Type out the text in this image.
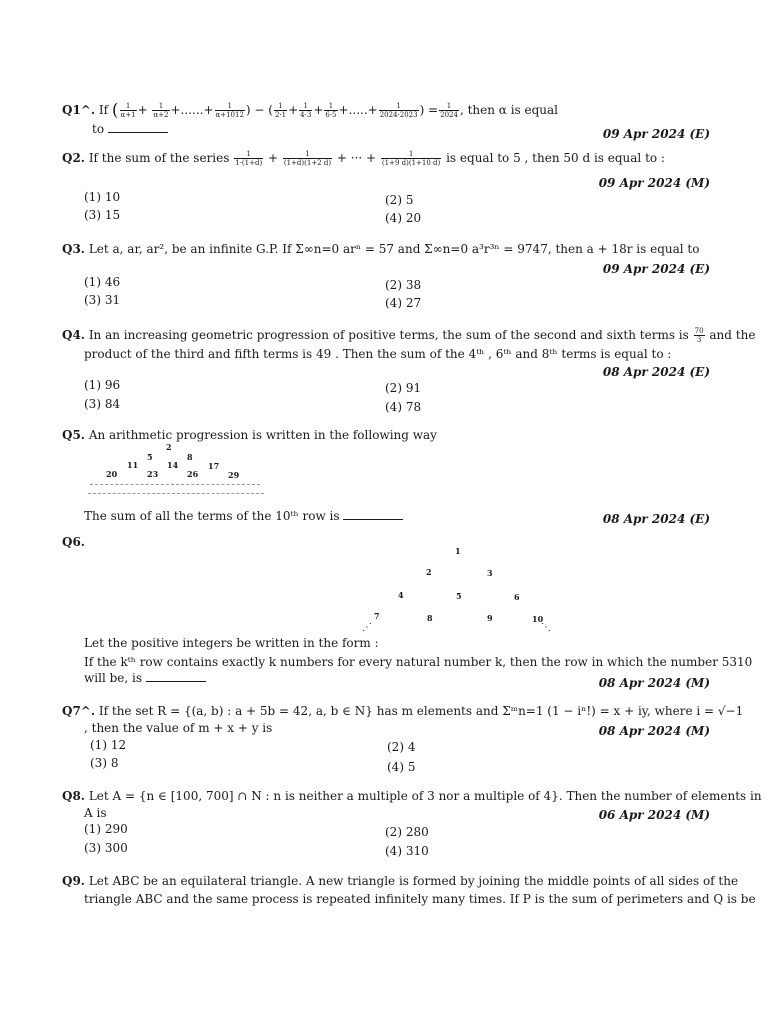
Q1^. If ( $\frac{1}{\alpha+1} + \frac{1}{\alpha+2}$ +......+ $\frac{1}{\alpha+1012}$ ) − ( $\frac{1}{2\cdot 1} + \frac{1}{4\cdot 3} + \frac{1}{6\cdot 5}$ +.....+ $\frac{1}{2024\cdot 2023}$ ) = $\frac{1}{2024}$ , then α is equal
to	09 Apr 2024 (E)
Q2. If the sum of the series $\frac{1}{1\cdot(1+d)} + \frac{1}{(1+d)(1+2 d)}$ + ··· + $\frac{1}{(1+9 d)(1+10 d)}$ is equal to 5 , then 50 d is equal to :
09 Apr 2024 (M)
(1) 10	(2) 5
(3) 15	(4) 20
Q3. Let a, ar, ar², be an infinite G.P. If Σ∞n=0 arⁿ = 57 and Σ∞n=0 a³r³ⁿ = 9747, then a + 18r is equal to
09 Apr 2024 (E)
(1) 46	(2) 38
(3) 31	(4) 27
Q4. In an increasing geometric progression of positive terms, the sum of the second and sixth terms is $\frac{70}{3}$ and the
product of the third and fifth terms is 49 . Then the sum of the 4ᵗʰ , 6ᵗʰ and 8ᵗʰ terms is equal to :
08 Apr 2024 (E)
(1) 96	(2) 91
(3) 84	(4) 78
Q5. An arithmetic progression is written in the following way
2
5	8
11	14	17
20	23	26	29
The sum of all the terms of the 10ᵗʰ row is	08 Apr 2024 (E)
Q6.
1
2	3
4	5	6
7	8	9	10
⋰	⋱
Let the positive integers be written in the form :
If the kᵗʰ row contains exactly k numbers for every natural number k, then the row in which the number 5310
will be, is	08 Apr 2024 (M)
Q7^. If the set R = {(a, b) : a + 5b = 42, a, b ∈ N} has m elements and Σᵐn=1 (1 − iⁿ!) = x + iy, where i = √−1
, then the value of m + x + y is	08 Apr 2024 (M)
(1) 12	(2) 4
(3) 8	(4) 5
Q8. Let A = {n ∈ [100, 700] ∩ N : n is neither a multiple of 3 nor a multiple of 4}. Then the number of elements in
A is	06 Apr 2024 (M)
(1) 290	(2) 280
(3) 300	(4) 310
Q9. Let ABC be an equilateral triangle. A new triangle is formed by joining the middle points of all sides of the
triangle ABC and the same process is repeated infinitely many times. If P is the sum of perimeters and Q is be
